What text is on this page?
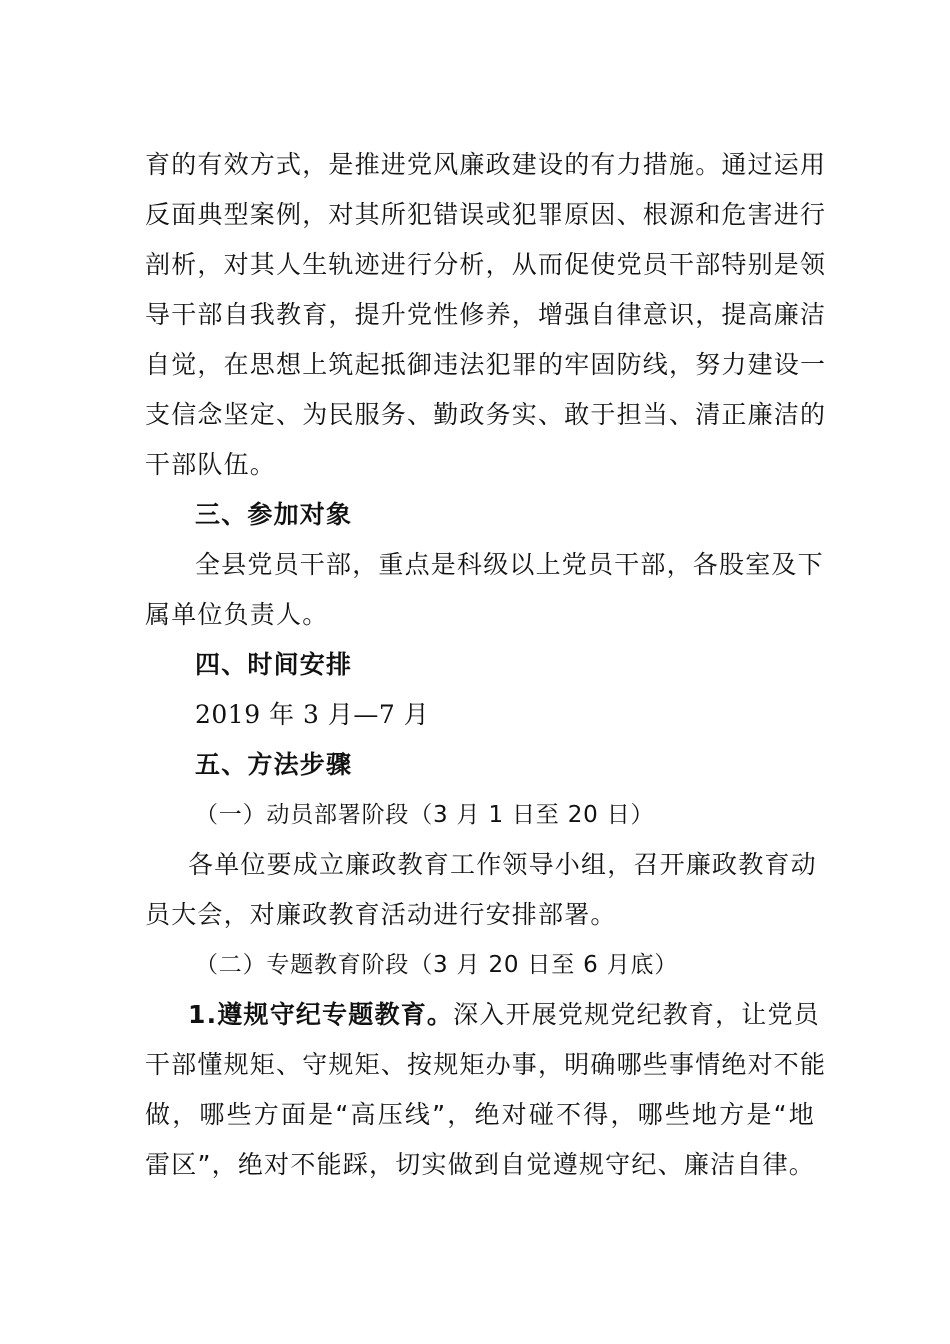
育的有效方式，是推进党风廉政建设的有力措施。通过运用
反面典型案例，对其所犯错误或犯罪原因、根源和危害进行
剖析，对其人生轨迹进行分析，从而促使党员干部特别是领
导干部自我教育，提升党性修养，增强自律意识，提高廉洁
自觉，在思想上筑起抵御违法犯罪的牢固防线，努力建设一
支信念坚定、为民服务、勤政务实、敢于担当、清正廉洁的
干部队伍。
三、参加对象
全县党员干部，重点是科级以上党员干部，各股室及下
属单位负责人。
四、时间安排
2019 年 3 月—7 月
五、方法步骤
（一）动员部署阶段（3 月 1 日至 20 日）
各单位要成立廉政教育工作领导小组，召开廉政教育动
员大会，对廉政教育活动进行安排部署。
（二）专题教育阶段（3 月 20 日至 6 月底）
1.遵规守纪专题教育。深入开展党规党纪教育，让党员
干部懂规矩、守规矩、按规矩办事，明确哪些事情绝对不能
做，哪些方面是“高压线”，绝对碰不得，哪些地方是“地
雷区”，绝对不能踩，切实做到自觉遵规守纪、廉洁自律。
